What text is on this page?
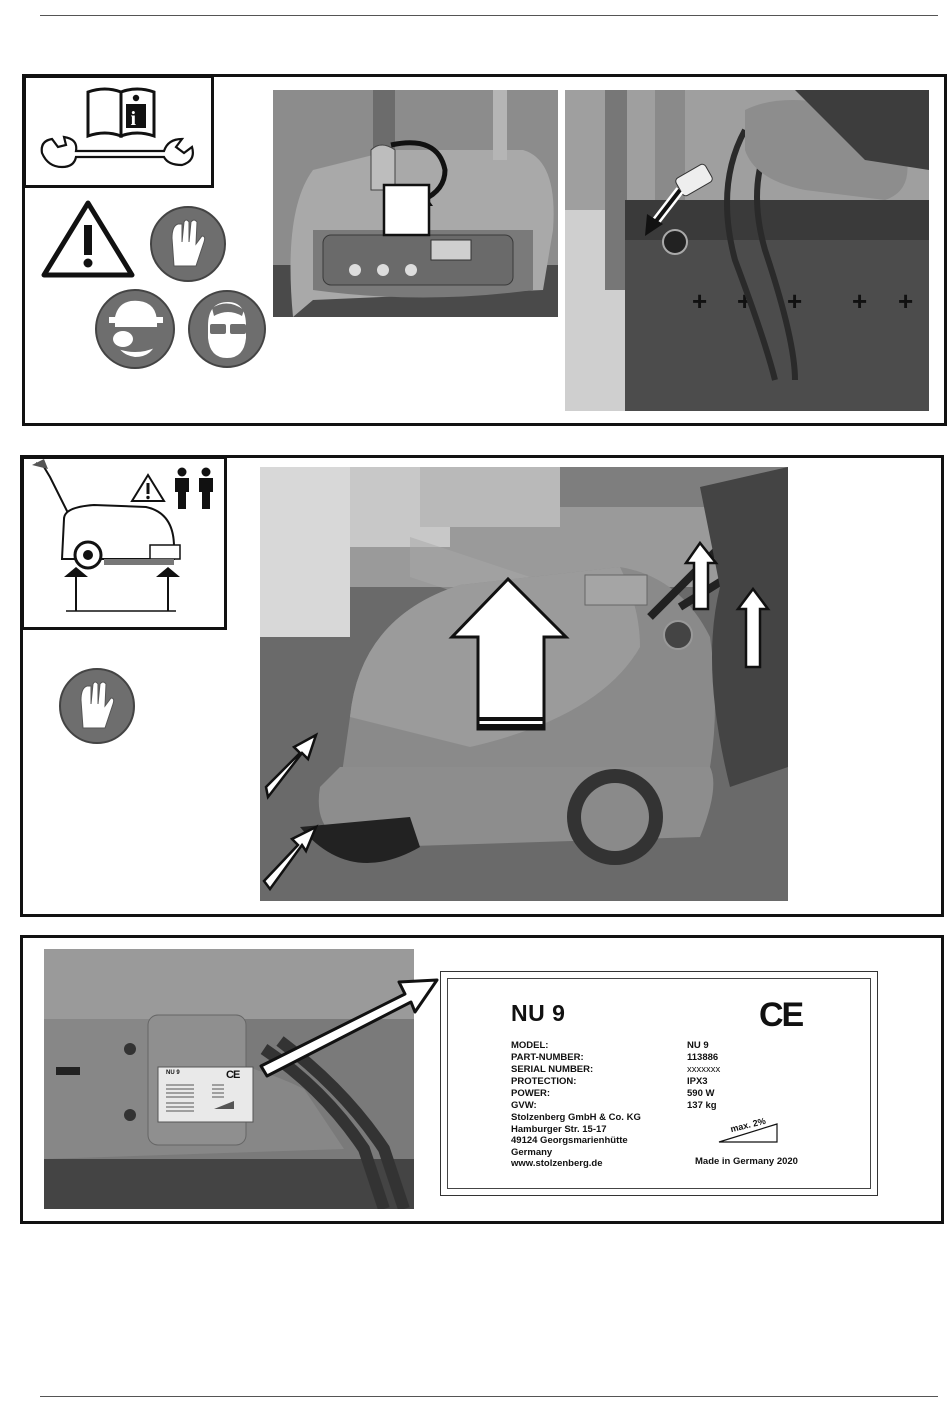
i
+ + + + +
NU 9	CE
NU 9	CE
MODEL:
PART-NUMBER:
SERIAL NUMBER:
PROTECTION:
POWER:
GVW:
NU 9
113886
xxxxxxx
IPX3
590 W
137 kg
Stolzenberg GmbH & Co. KG
Hamburger Str. 15-17
49124 Georgsmarienhütte
Germany
www.stolzenberg.de
max. 2%
Made in Germany 2020
